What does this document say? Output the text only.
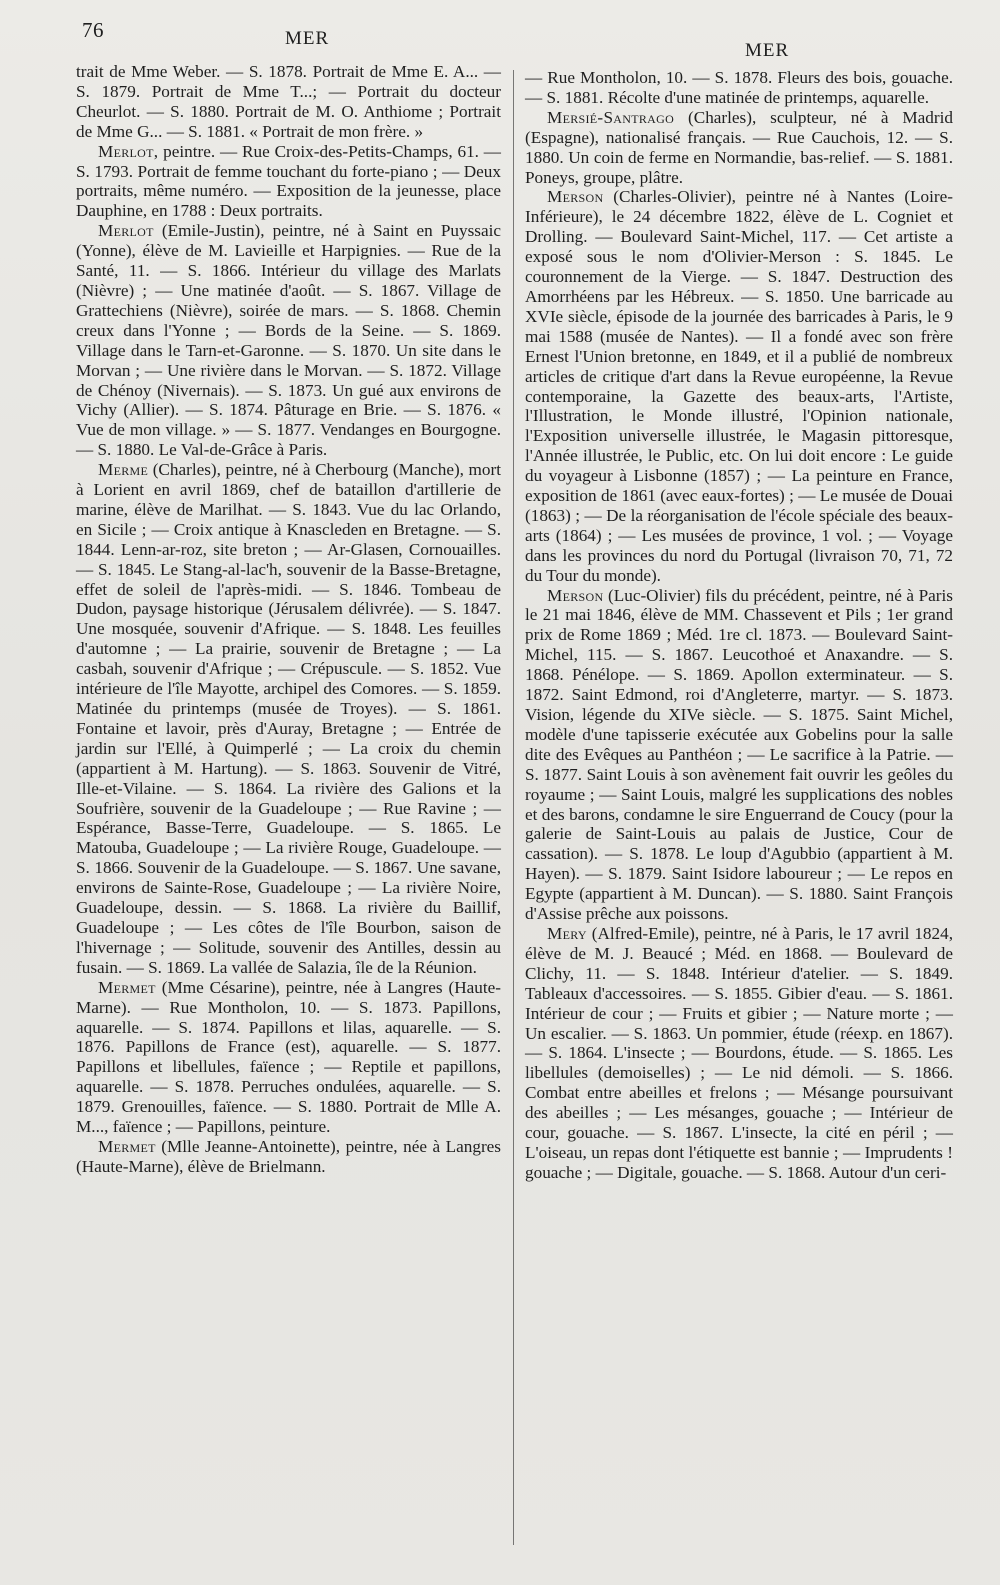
76	MER
MER

trait de Mme Weber. — S. 1878. Portrait de Mme E. A... — S. 1879. Portrait de Mme T...; — Portrait du docteur Cheurlot. — S. 1880. Portrait de M. O. Anthiome ; Portrait de Mme G... — S. 1881. « Portrait de mon frère. »

Merlot, peintre. — Rue Croix-des-Petits-Champs, 61. — S. 1793. Portrait de femme touchant du forte-piano ; — Deux portraits, même numéro. — Exposition de la jeunesse, place Dauphine, en 1788 : Deux portraits.

Merlot (Emile-Justin), peintre, né à Saint en Puyssaic (Yonne), élève de M. Lavieille et Harpignies. — Rue de la Santé, 11. — S. 1866. Intérieur du village des Marlats (Nièvre) ; — Une matinée d'août. — S. 1867. Village de Grattechiens (Nièvre), soirée de mars. — S. 1868. Chemin creux dans l'Yonne ; — Bords de la Seine. — S. 1869. Village dans le Tarn-et-Garonne. — S. 1870. Un site dans le Morvan ; — Une rivière dans le Morvan. — S. 1872. Village de Chénoy (Nivernais). — S. 1873. Un gué aux environs de Vichy (Allier). — S. 1874. Pâturage en Brie. — S. 1876. « Vue de mon village. » — S. 1877. Vendanges en Bourgogne. — S. 1880. Le Val-de-Grâce à Paris.

Merme (Charles), peintre, né à Cherbourg (Manche), mort à Lorient en avril 1869, chef de bataillon d'artillerie de marine, élève de Marilhat. — S. 1843. Vue du lac Orlando, en Sicile ; — Croix antique à Knascleden en Bretagne. — S. 1844. Lenn-ar-roz, site breton ; — Ar-Glasen, Cornouailles. — S. 1845. Le Stang-al-lac'h, souvenir de la Basse-Bretagne, effet de soleil de l'après-midi. — S. 1846. Tombeau de Dudon, paysage historique (Jérusalem délivrée). — S. 1847. Une mosquée, souvenir d'Afrique. — S. 1848. Les feuilles d'automne ; — La prairie, souvenir de Bretagne ; — La casbah, souvenir d'Afrique ; — Crépuscule. — S. 1852. Vue intérieure de l'île Mayotte, archipel des Comores. — S. 1859. Matinée du printemps (musée de Troyes). — S. 1861. Fontaine et lavoir, près d'Auray, Bretagne ; — Entrée de jardin sur l'Ellé, à Quimperlé ; — La croix du chemin (appartient à M. Hartung). — S. 1863. Souvenir de Vitré, Ille-et-Vilaine. — S. 1864. La rivière des Galions et la Soufrière, souvenir de la Guadeloupe ; — Rue Ravine ; — Espérance, Basse-Terre, Guadeloupe. — S. 1865. Le Matouba, Guadeloupe ; — La rivière Rouge, Guadeloupe. — S. 1866. Souvenir de la Guadeloupe. — S. 1867. Une savane, environs de Sainte-Rose, Guadeloupe ; — La rivière Noire, Guadeloupe, dessin. — S. 1868. La rivière du Baillif, Guadeloupe ; — Les côtes de l'île Bourbon, saison de l'hivernage ; — Solitude, souvenir des Antilles, dessin au fusain. — S. 1869. La vallée de Salazia, île de la Réunion.

Mermet (Mme Césarine), peintre, née à Langres (Haute-Marne). — Rue Montholon, 10. — S. 1873. Papillons, aquarelle. — S. 1874. Papillons et lilas, aquarelle. — S. 1876. Papillons de France (est), aquarelle. — S. 1877. Papillons et libellules, faïence ; — Reptile et papillons, aquarelle. — S. 1878. Perruches ondulées, aquarelle. — S. 1879. Grenouilles, faïence. — S. 1880. Portrait de Mlle A. M..., faïence ; — Papillons, peinture.

Mermet (Mlle Jeanne-Antoinette), peintre, née à Langres (Haute-Marne), élève de Brielmann.

— Rue Montholon, 10. — S. 1878. Fleurs des bois, gouache. — S. 1881. Récolte d'une matinée de printemps, aquarelle.

Mersié-Santrago (Charles), sculpteur, né à Madrid (Espagne), nationalisé français. — Rue Cauchois, 12. — S. 1880. Un coin de ferme en Normandie, bas-relief. — S. 1881. Poneys, groupe, plâtre.

Merson (Charles-Olivier), peintre né à Nantes (Loire-Inférieure), le 24 décembre 1822, élève de L. Cogniet et Drolling. — Boulevard Saint-Michel, 117. — Cet artiste a exposé sous le nom d'Olivier-Merson : S. 1845. Le couronnement de la Vierge. — S. 1847. Destruction des Amorrhéens par les Hébreux. — S. 1850. Une barricade au XVIe siècle, épisode de la journée des barricades à Paris, le 9 mai 1588 (musée de Nantes). — Il a fondé avec son frère Ernest l'Union bretonne, en 1849, et il a publié de nombreux articles de critique d'art dans la Revue européenne, la Revue contemporaine, la Gazette des beaux-arts, l'Artiste, l'Illustration, le Monde illustré, l'Opinion nationale, l'Exposition universelle illustrée, le Magasin pittoresque, l'Année illustrée, le Public, etc. On lui doit encore : Le guide du voyageur à Lisbonne (1857) ; — La peinture en France, exposition de 1861 (avec eaux-fortes) ; — Le musée de Douai (1863) ; — De la réorganisation de l'école spéciale des beaux-arts (1864) ; — Les musées de province, 1 vol. ; — Voyage dans les provinces du nord du Portugal (livraison 70, 71, 72 du Tour du monde).

Merson (Luc-Olivier) fils du précédent, peintre, né à Paris le 21 mai 1846, élève de MM. Chassevent et Pils ; 1er grand prix de Rome 1869 ; Méd. 1re cl. 1873. — Boulevard Saint-Michel, 115. — S. 1867. Leucothoé et Anaxandre. — S. 1868. Pénélope. — S. 1869. Apollon exterminateur. — S. 1872. Saint Edmond, roi d'Angleterre, martyr. — S. 1873. Vision, légende du XIVe siècle. — S. 1875. Saint Michel, modèle d'une tapisserie exécutée aux Gobelins pour la salle dite des Evêques au Panthéon ; — Le sacrifice à la Patrie. — S. 1877. Saint Louis à son avènement fait ouvrir les geôles du royaume ; — Saint Louis, malgré les supplications des nobles et des barons, condamne le sire Enguerrand de Coucy (pour la galerie de Saint-Louis au palais de Justice, Cour de cassation). — S. 1878. Le loup d'Agubbio (appartient à M. Hayen). — S. 1879. Saint Isidore laboureur ; — Le repos en Egypte (appartient à M. Duncan). — S. 1880. Saint François d'Assise prêche aux poissons.

Mery (Alfred-Emile), peintre, né à Paris, le 17 avril 1824, élève de M. J. Beaucé ; Méd. en 1868. — Boulevard de Clichy, 11. — S. 1848. Intérieur d'atelier. — S. 1849. Tableaux d'accessoires. — S. 1855. Gibier d'eau. — S. 1861. Intérieur de cour ; — Fruits et gibier ; — Nature morte ; — Un escalier. — S. 1863. Un pommier, étude (réexp. en 1867). — S. 1864. L'insecte ; — Bourdons, étude. — S. 1865. Les libellules (demoiselles) ; — Le nid démoli. — S. 1866. Combat entre abeilles et frelons ; — Mésange poursuivant des abeilles ; — Les mésanges, gouache ; — Intérieur de cour, gouache. — S. 1867. L'insecte, la cité en péril ; — L'oiseau, un repas dont l'étiquette est bannie ; — Imprudents ! gouache ; — Digitale, gouache. — S. 1868. Autour d'un ceri-
